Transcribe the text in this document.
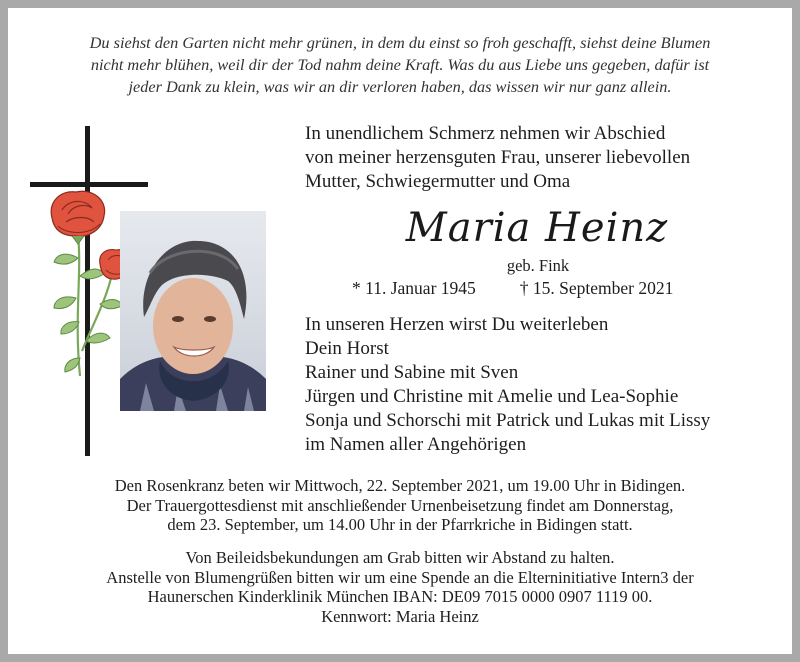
Du siehst den Garten nicht mehr grünen, in dem du einst so froh geschafft, siehst deine Blumen
nicht mehr blühen, weil dir der Tod nahm deine Kraft. Was du aus Liebe uns gegeben, dafür ist
jeder Dank zu klein, was wir an dir verloren haben, das wissen wir nur ganz allein.
In unendlichem Schmerz nehmen wir Abschied
von meiner herzensguten Frau, unserer liebevollen
Mutter, Schwiegermutter und Oma
Maria Heinz
geb. Fink
* 11. Januar 1945	† 15. September 2021
In unseren Herzen wirst Du weiterleben
Dein Horst
Rainer und Sabine mit Sven
Jürgen und Christine mit Amelie und Lea-Sophie
Sonja und Schorschi mit Patrick und Lukas mit Lissy
im Namen aller Angehörigen
Den Rosenkranz beten wir Mittwoch, 22. September 2021, um 19.00 Uhr in Bidingen.
Der Trauergottesdienst mit anschließender Urnenbeisetzung findet am Donnerstag,
dem 23. September, um 14.00 Uhr in der Pfarrkriche in Bidingen statt.
Von Beileidsbekundungen am Grab bitten wir Abstand zu halten.
Anstelle von Blumengrüßen bitten wir um eine Spende an die Elterninitiative Intern3 der
Haunerschen Kinderklinik München IBAN: DE09 7015 0000 0907 1119 00.
Kennwort: Maria Heinz
